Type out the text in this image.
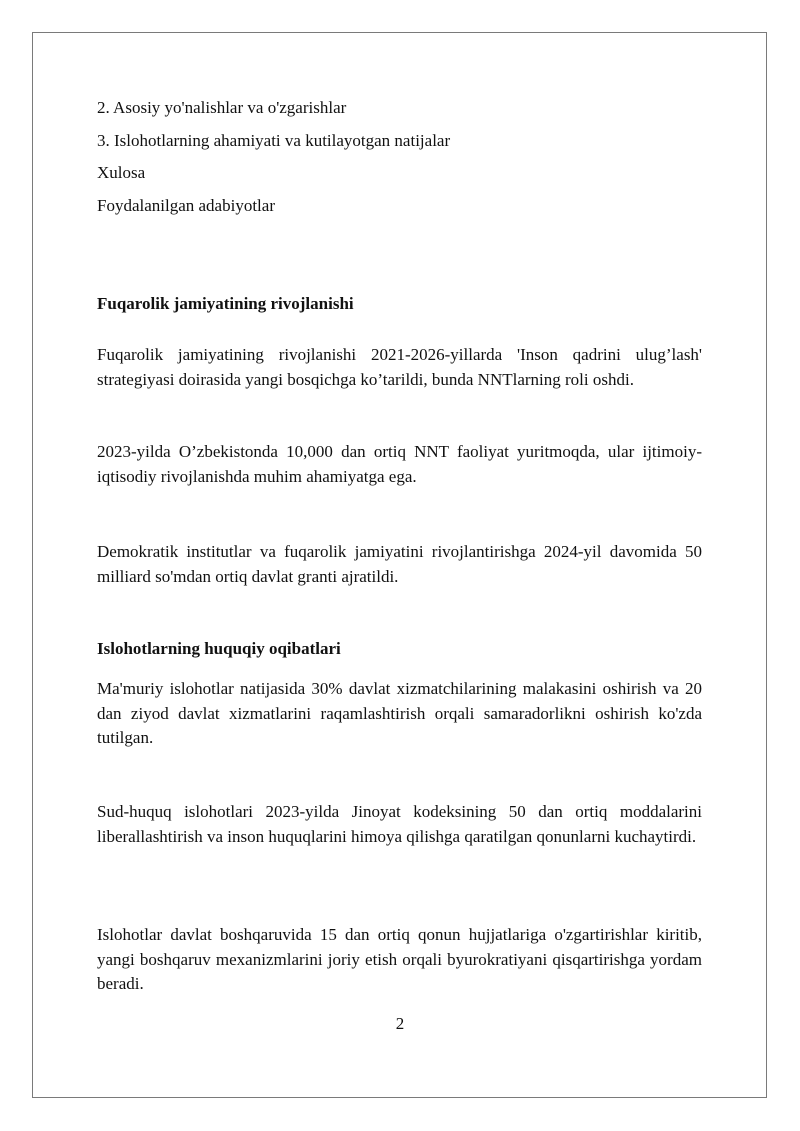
2. Asosiy yo'nalishlar va o'zgarishlar

3. Islohotlarning ahamiyati va kutilayotgan natijalar

Xulosa

Foydalanilgan adabiyotlar

Fuqarolik jamiyatining rivojlanishi

Fuqarolik jamiyatining rivojlanishi 2021-2026-yillarda 'Inson qadrini ulug’lash' strategiyasi doirasida yangi bosqichga ko’tarildi, bunda NNTlarning roli oshdi.

2023-yilda O’zbekistonda 10,000 dan ortiq NNT faoliyat yuritmoqda, ular ijtimoiy-iqtisodiy rivojlanishda muhim ahamiyatga ega.

Demokratik institutlar va fuqarolik jamiyatini rivojlantirishga 2024-yil davomida 50 milliard so'mdan ortiq davlat granti ajratildi.

Islohotlarning huquqiy oqibatlari

Ma'muriy islohotlar natijasida 30% davlat xizmatchilarining malakasini oshirish va 20 dan ziyod davlat xizmatlarini raqamlashtirish orqali samaradorlikni oshirish ko'zda tutilgan.

Sud-huquq islohotlari 2023-yilda Jinoyat kodeksining 50 dan ortiq moddalarini liberallashtirish va inson huquqlarini himoya qilishga qaratilgan qonunlarni kuchaytirdi.

Islohotlar davlat boshqaruvida 15 dan ortiq qonun hujjatlariga o'zgartirishlar kiritib, yangi boshqaruv mexanizmlarini joriy etish orqali byurokratiyani qisqartirishga yordam beradi.

2
